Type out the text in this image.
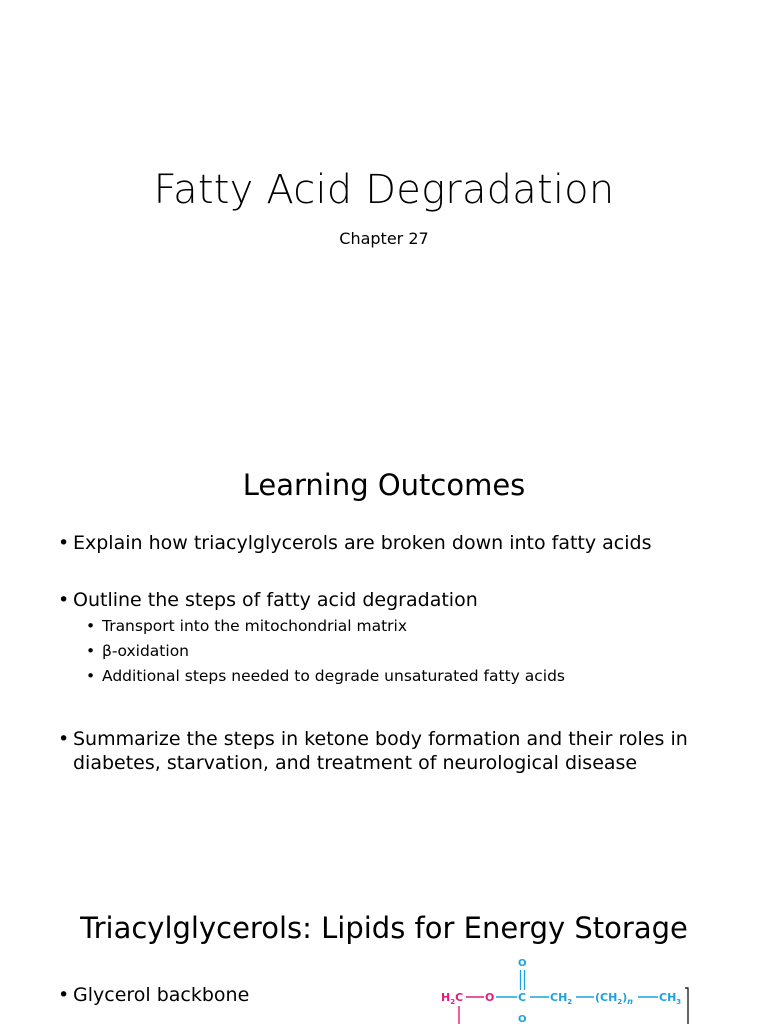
Fatty Acid Degradation
Chapter 27
Learning Outcomes
• Explain how triacylglycerols are broken down into fatty acids
• Outline the steps of fatty acid degradation
• Transport into the mitochondrial matrix
• β-oxidation
• Additional steps needed to degrade unsaturated fatty acids
• Summarize the steps in ketone body formation and their roles in
diabetes, starvation, and treatment of neurological disease
Triacylglycerols: Lipids for Energy Storage
• Glycerol backbone	$H_2C$ O C
O
O
$CH_2$ $(CH_2)_n$ $CH_3$
